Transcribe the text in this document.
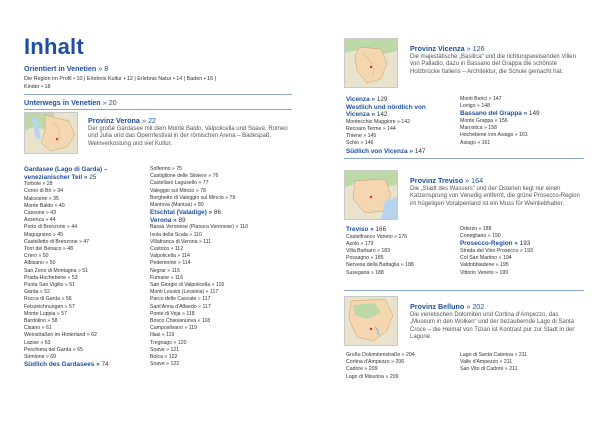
Inhalt
Orientiert in Venetien » 8
Die Region im Profil • 10 | Erlebnis Kultur • 12 | Erlebnis Natur • 14 | Baden • 16 |
Kinder • 18
Unterwegs in Venetien » 20
Provinz Verona » 22
Der große Gardasee mit dem Monte Baldo, Valpolicella und Soave, Romeo und Julia und das Opernfestival in der römischen Arena – Badespaß, Weinverkostung und viel Kultur.
Gardasee (Lago di Garda) – venezianischer Teil » 25
Torbole » 28
Corno di Bò » 34
Malcesine » 35
Monte Baldo » 40
Cassone » 43
Assenza » 44
Porto di Brenzone » 44
Magugnano » 45
Castelletto di Brenzone » 47
Torri del Benaco » 48
Crero » 50
Albisano » 50
San Zeno di Montagna » 51
Prada-Hochebene » 53
Punta San Vigilio » 51
Garda » 52
Rocca di Garda » 56
Felszeichnungen » 57
Monte Luppia » 57
Bardolino » 58
Cisano » 61
Weinstraßen im Hinterland » 62
Lazise » 63
Peschiera del Garda » 65
Sirmione » 69
Südlich des Gardasees » 74
Solferino » 75
Castiglione delle Stiviere » 76
Castellaro Lagusello » 77
Valeggio sul Mincio » 78
Borghetto di Valeggio sul Mincio » 79
Mantova (Mantua) » 80
Etschtal (Valadige) » 86
Verona » 89
Bassa Veronese (Planura Veronese) » 110
Isola della Scala » 110
Villafranca di Verona » 111
Custoza » 112
Valpolicella » 114
Pedemonte » 114
Negrar » 115
Fumane » 116
San Giorgio di Valpolicella » 116
Monti Lessini (Lessinia) » 117
Parco delle Cascate » 117
Sant'Anna d'Alfaedo » 117
Ponte di Veja » 118
Bosco Chiesanuova » 118
Camposilvano » 119
Illasi » 119
Tregnago » 120
Soave » 121
Bolca » 122
Soave » 122
Provinz Vicenza » 126
Die majestätische „Basilica“ und die richtungsweisenden Villen von Palladio, dazu in Bassano del Grappa die schönste Holzbrücke Italiens – Architektur, die Schule gemacht hat.
Vicenza » 129
Westlich und nördlich von Vicenza » 142
Montecchio Maggiore » 142
Recoaro Terme » 144
Thiene » 145
Schio » 146
Südlich von Vicenza » 147
Monti Berici » 147
Lonigo » 148
Bassano del Grappa » 149
Monte Grappa » 156
Marostica » 158
Hochebene von Asiago » 161
Asiago » 161
Provinz Treviso » 164
Die „Stadt des Wassers“ und der Osterien liegt nur einen Katzensprung von Venedig entfernt, die grüne Prosecco-Region im hügeligen Voralpenland ist ein Muss für Weinliebhaber.
Treviso » 166
Castelfranco Veneto » 176
Asolo » 179
Villa Barbaro » 183
Possagno » 185
Nervesa della Battaglia » 188
Susegana » 188
Oderzo » 188
Conegliano » 190
Prosecco-Region » 193
Strada del Vino Prosecco » 193
Col San Martino » 194
Valdobbiadene » 195
Vittorio Veneto » 199
Provinz Belluno » 202
Die venetischen Dolomiten und Cortina d’Ampezzo, das „Museum in den Wolken“ und der bezaubernde Lago di Santa Croce – die Heimat von Tizian ist Kontrast pur zur Stadt in der Lagune.
Große Dolomitenstraße » 204
Cortina d'Ampezzo » 206
Cadore » 209
Lago di Misurina » 209
Lago di Santa Caterina » 211
Valle d'Ampezzo » 211
San Vito di Cadore » 211
